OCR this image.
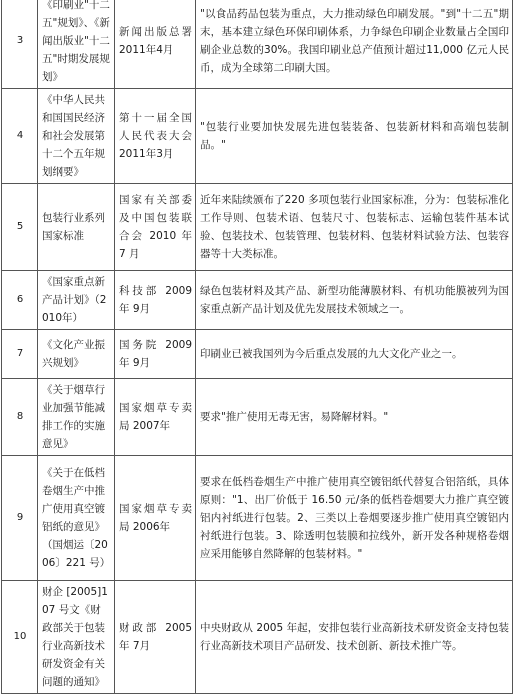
3	《印刷业"十二五"规划》、《新闻出版业"十二五"时期发展规划》	新闻出版总署 2011年4月	"以食品药品包装为重点，大力推动绿色印刷发展。"到"十二五"期末，基本建立绿色环保印刷体系，力争绿色印刷企业数量占全国印刷企业总数的30%。我国印刷业总产值预计超过11,000 亿元人民币，成为全球第二印刷大国。
4	《中华人民共和国国民经济和社会发展第十二个五年规划纲要》	第十一届全国人民代表大会 2011年3月	"包装行业要加快发展先进包装装备、包装新材料和高端包装制品。"
5	包装行业系列国家标准	国家有关部委及中国包装联合会 2010 年 7 月	近年来陆续颁布了220 多项包装行业国家标准，分为：包装标准化工作导则、包装术语、包装尺寸、包装标志、运输包装件基本试验、包装技术、包装管理、包装材料、包装材料试验方法、包装容器等十大类标准。
6	《国家重点新产品计划》（2010年）	科技部 2009 年 9月	绿色包装材料及其产品、新型功能薄膜材料、有机功能膜被列为国家重点新产品计划及优先发展技术领域之一。
7	《文化产业振兴规划》	国务院 2009 年 9月	印刷业已被我国列为今后重点发展的九大文化产业之一。
8	《关于烟草行业加强节能减排工作的实施意见》	国家烟草专卖局 2007年	要求"推广使用无毒无害，易降解材料。"
9	《关于在低档卷烟生产中推广使用真空镀铝纸的意见》（国烟运〔2006〕221 号）	国家烟草专卖局 2006年	要求在低档卷烟生产中推广使用真空镀铝纸代替复合铝箔纸，具体原则："1、出厂价低于 16.50 元/条的低档卷烟要大力推广真空镀铝内衬纸进行包装。2、三类以上卷烟要逐步推广使用真空镀铝内衬纸进行包装。3、除透明包装膜和拉线外，新开发各种规格卷烟应采用能够自然降解的包装材料。"
10	财企 [2005]107 号文《财政部关于包装行业高新技术研发资金有关问题的通知》	财政部 2005 年 7月	中央财政从 2005 年起，安排包装行业高新技术研发资金支持包装行业高新技术项目产品研发、技术创新、新技术推广等。
